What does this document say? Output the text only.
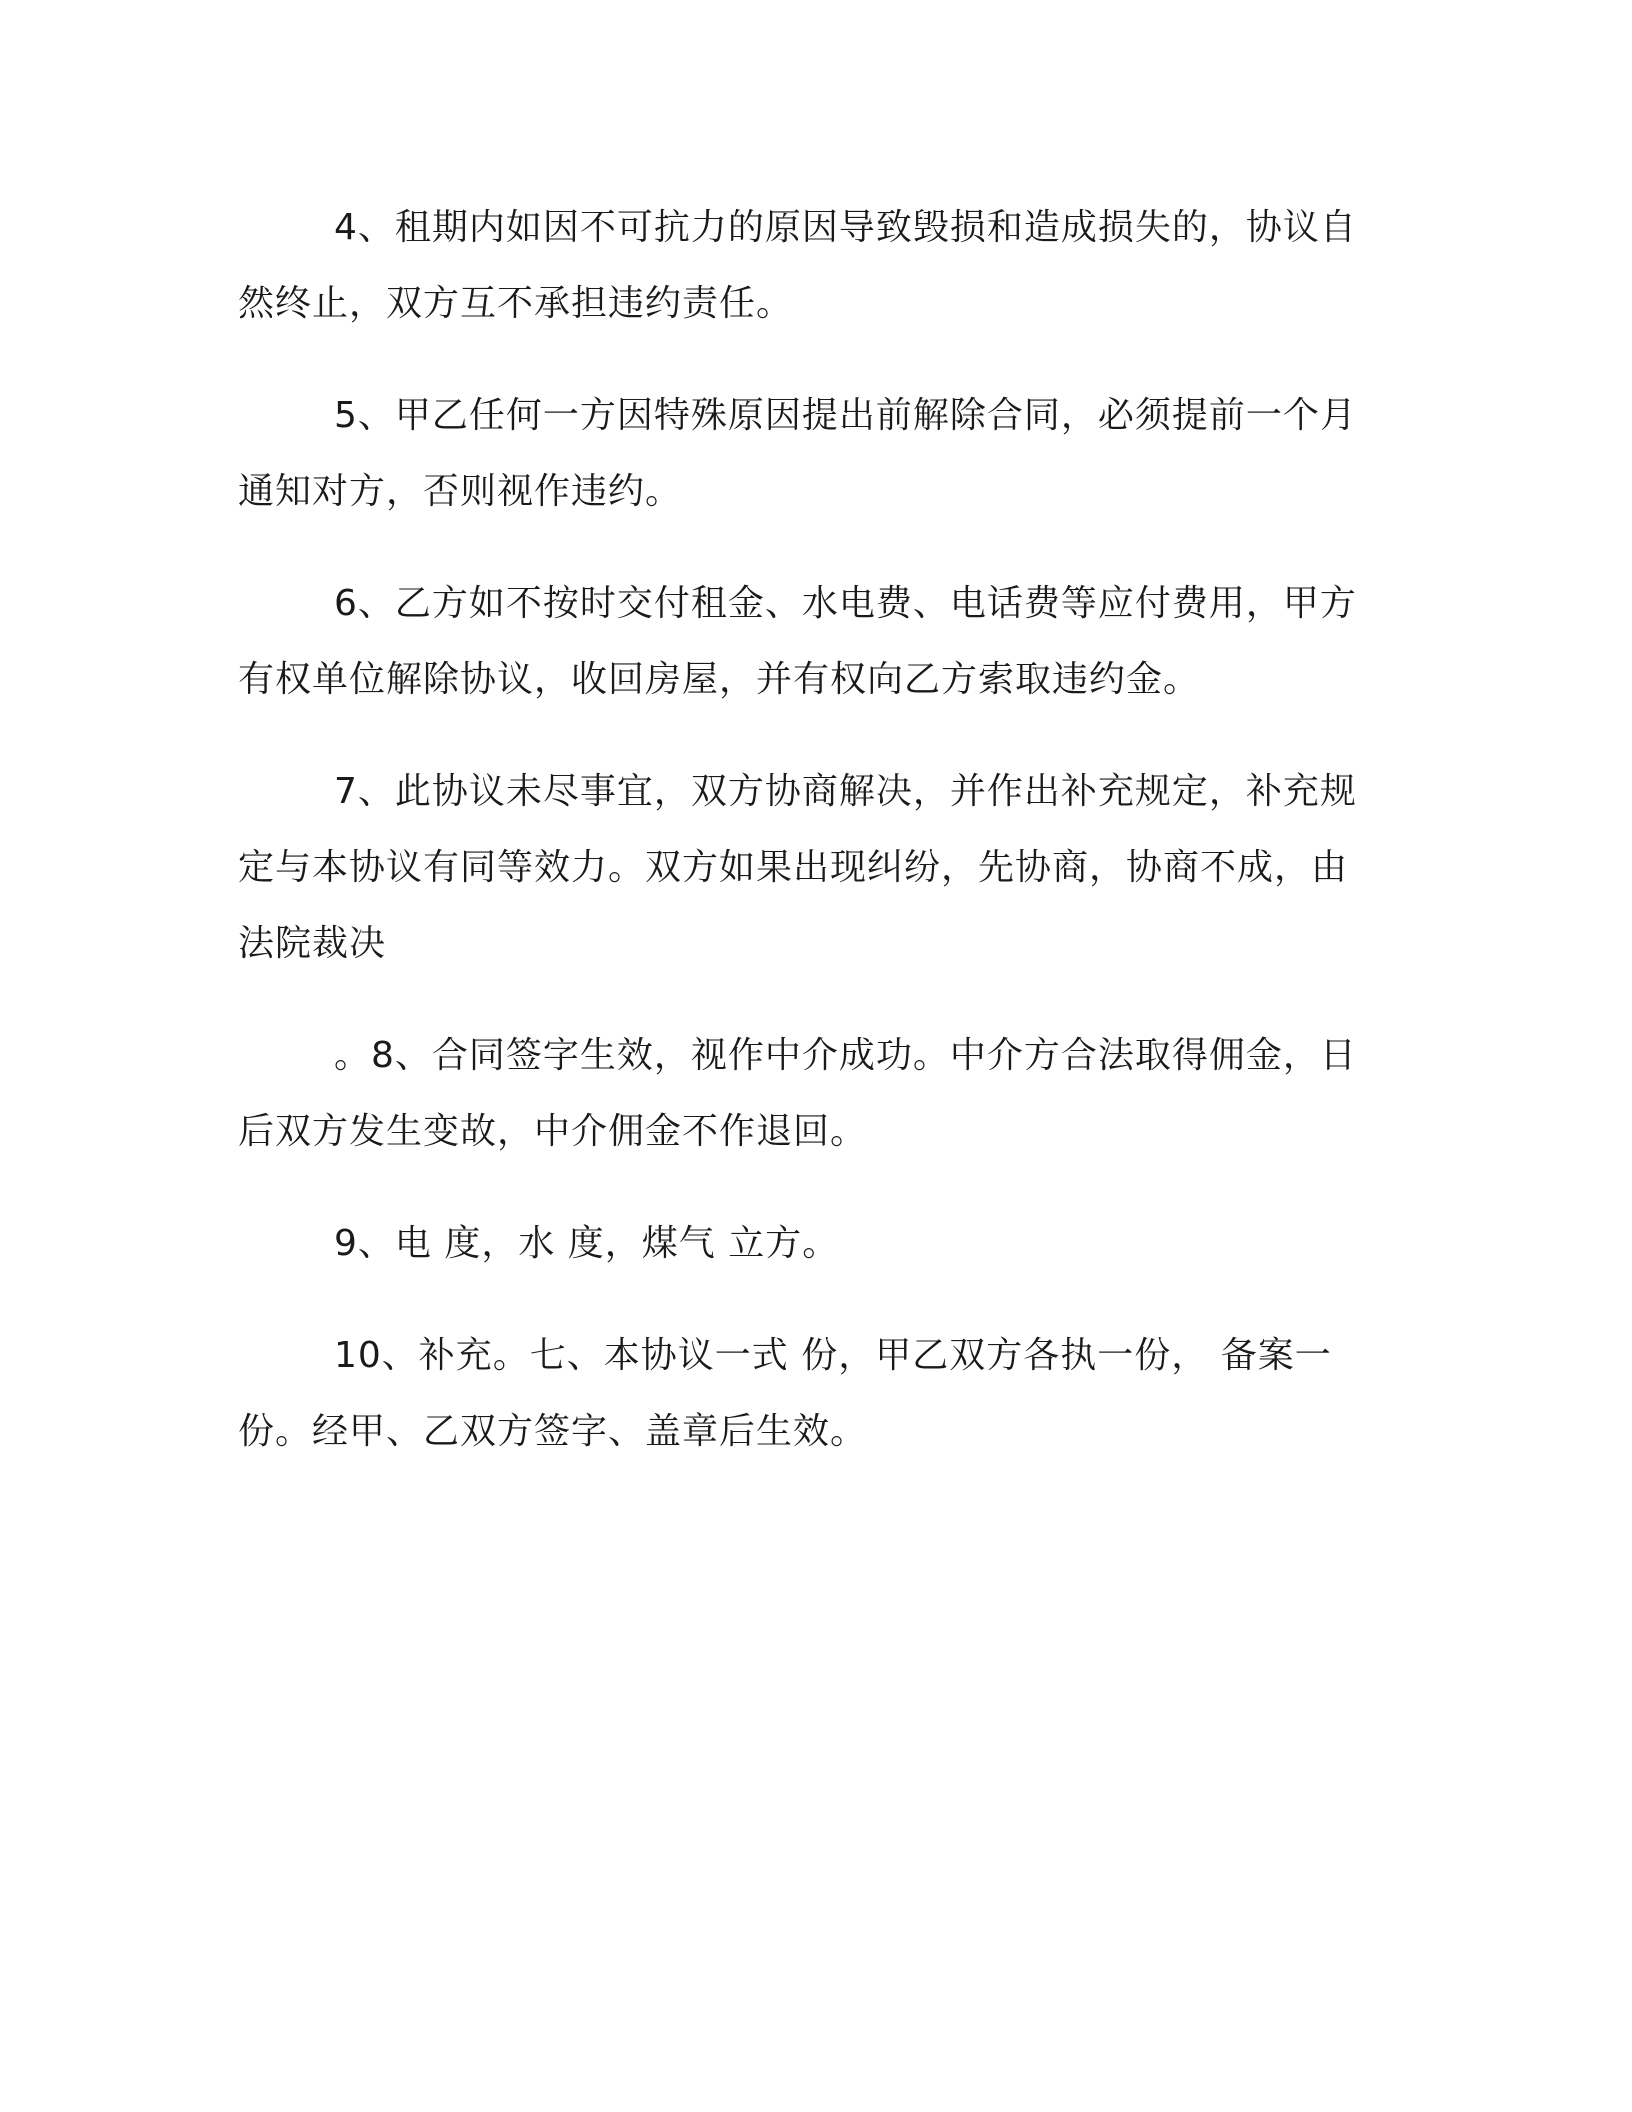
4、租期内如因不可抗力的原因导致毁损和造成损失的，协议自然终止，双方互不承担违约责任。

5、甲乙任何一方因特殊原因提出前解除合同，必须提前一个月通知对方，否则视作违约。

6、乙方如不按时交付租金、水电费、电话费等应付费用，甲方有权单位解除协议，收回房屋，并有权向乙方索取违约金。

7、此协议未尽事宜，双方协商解决，并作出补充规定，补充规定与本协议有同等效力。双方如果出现纠纷，先协商，协商不成，由法院裁决

。8、合同签字生效，视作中介成功。中介方合法取得佣金，日后双方发生变故，中介佣金不作退回。

9、电 度，水 度，煤气 立方。

10、补充。七、本协议一式 份，甲乙双方各执一份， 备案一份。经甲、乙双方签字、盖章后生效。
